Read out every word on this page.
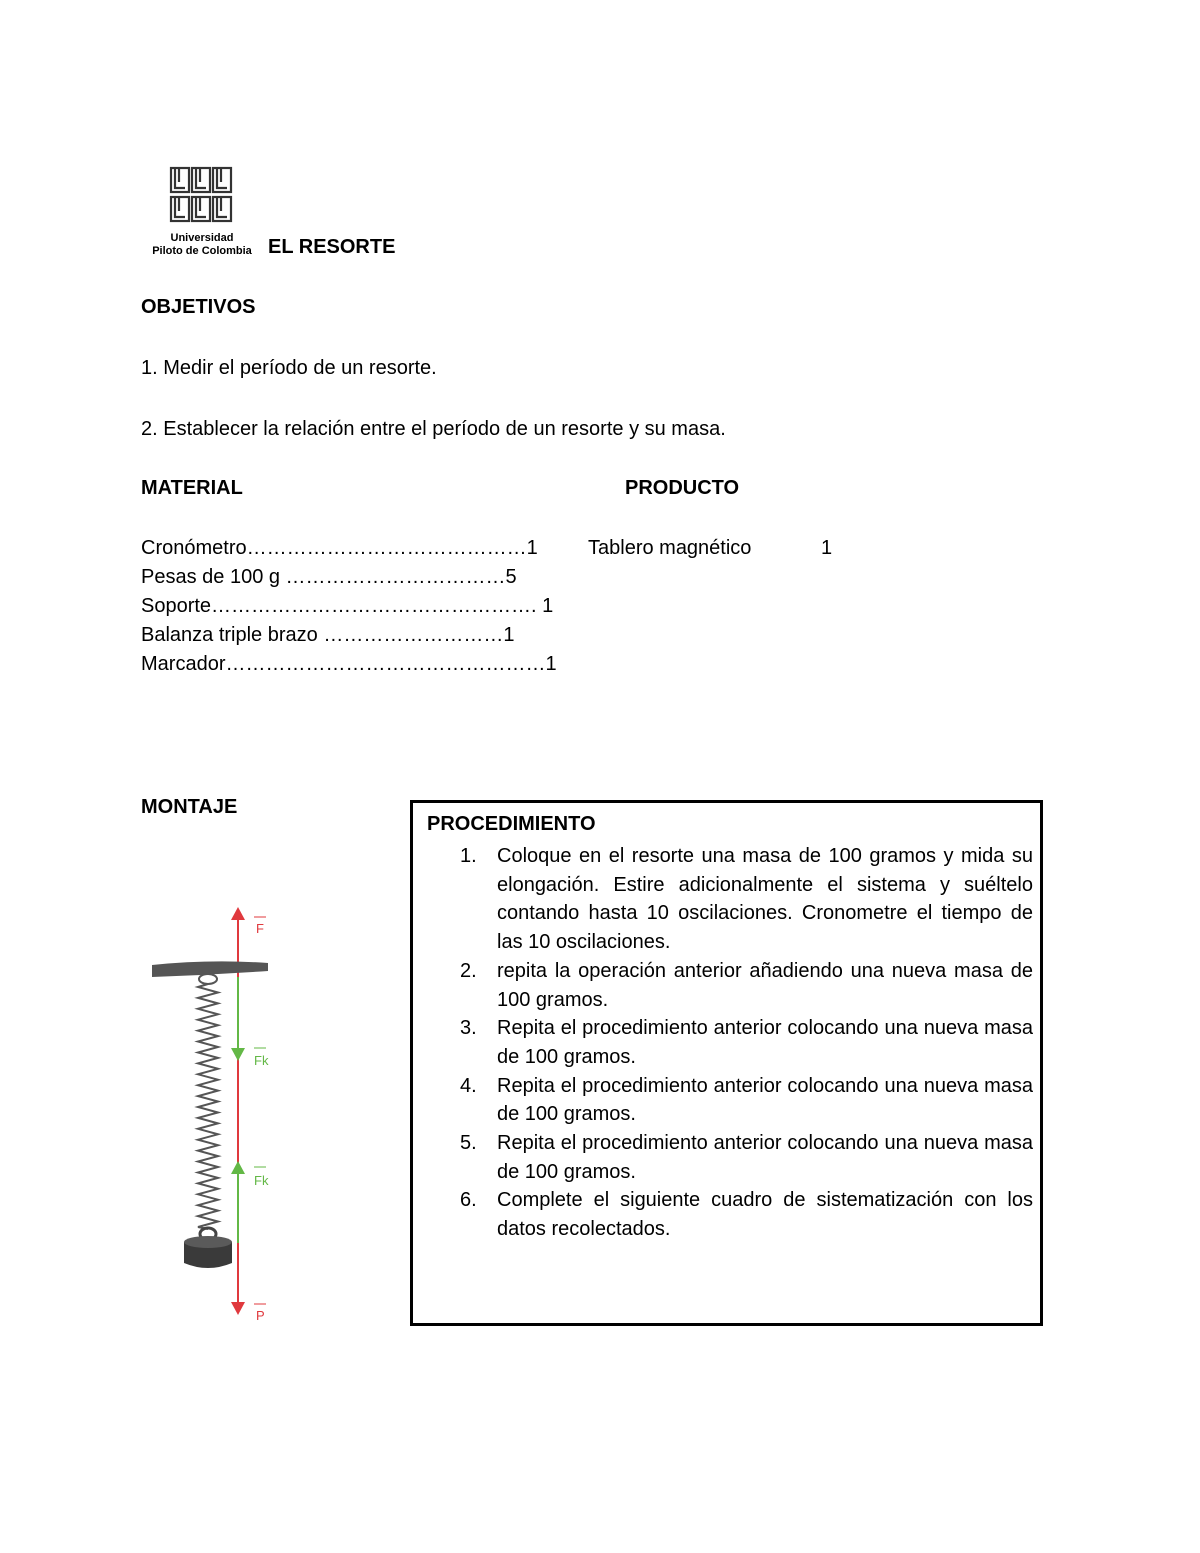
Universidad
Piloto de Colombia EL RESORTE
OBJETIVOS
1. Medir el período de un resorte.
2. Establecer la relación entre el período de un resorte y su masa.
MATERIAL	PRODUCTO
Cronómetro……………………………………1
Pesas de 100 g ……………………………5
Soporte…………………………………………. 1
Balanza triple brazo ………………………1
Marcador…………………………………………1
Tablero magnético	1
MONTAJE
F
Fk
Fk
P
PROCEDIMIENTO
1. Coloque en el resorte una masa de 100 gramos y mida su elongación. Estire adicionalmente el sistema y suéltelo contando hasta 10 oscilaciones. Cronometre el tiempo de las 10 oscilaciones.
2. repita la operación anterior añadiendo una nueva masa de 100 gramos.
3. Repita el procedimiento anterior colocando una nueva masa de 100 gramos.
4. Repita el procedimiento anterior colocando una nueva masa de 100 gramos.
5. Repita el procedimiento anterior colocando una nueva masa de 100 gramos.
6. Complete el siguiente cuadro de sistematización con los datos recolectados.
